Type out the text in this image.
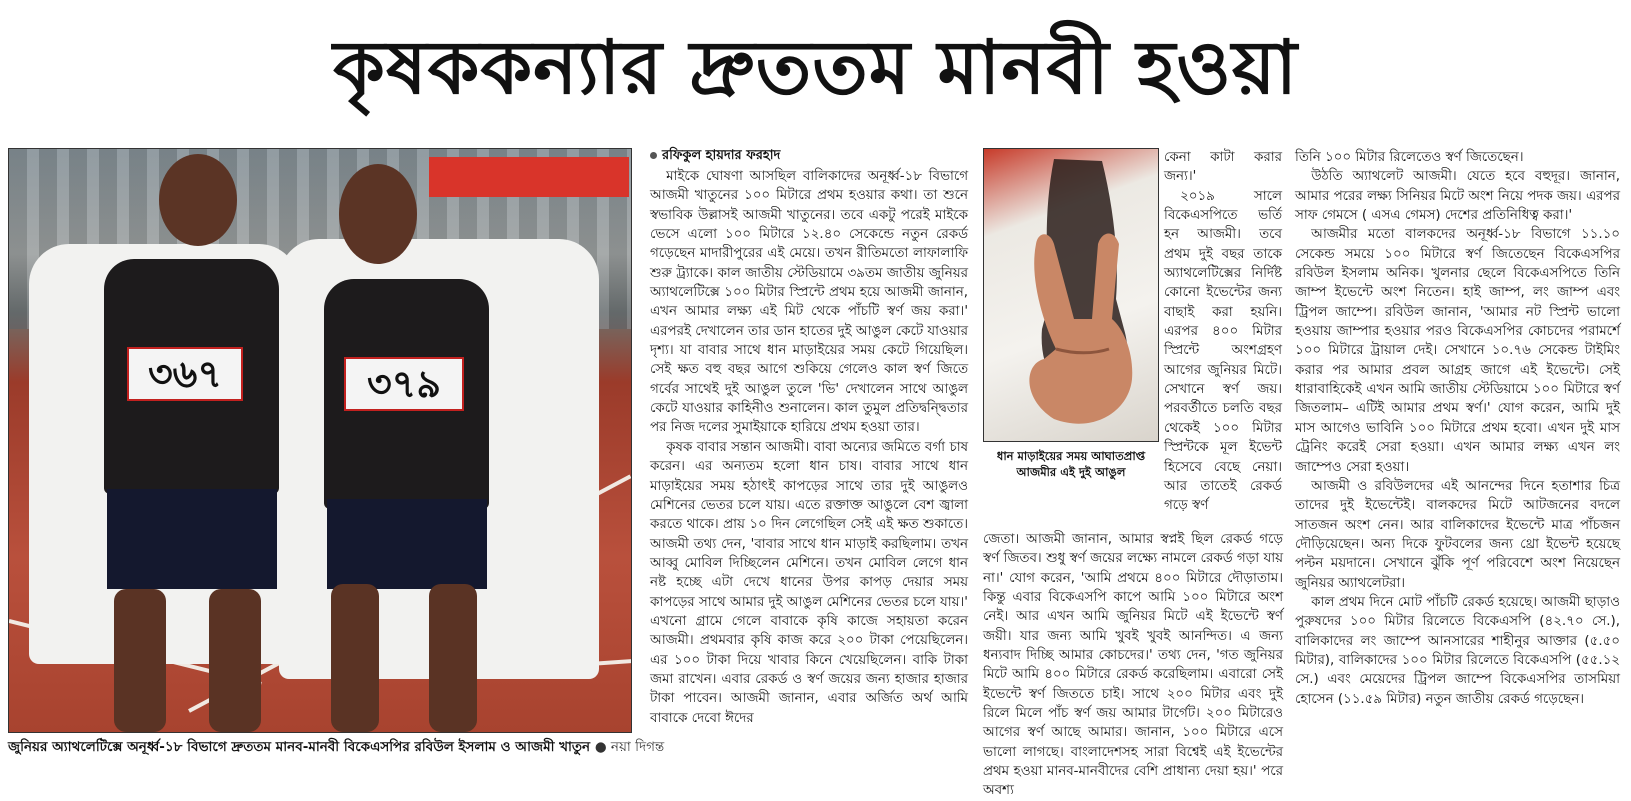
কৃষককন্যার দ্রুততম মানবী হওয়া
৩৬৭	৩৭৯
জুনিয়র অ্যাথলেটিক্সে অনূর্ধ্ব-১৮ বিভাগে দ্রুততম মানব-মানবী বিকেএসপির রবিউল ইসলাম ও আজমী খাতুন ● নয়া দিগন্ত
ধান মাড়াইয়ের সময় আঘাতপ্রাপ্ত আজমীর এই দুই আঙুল
রফিকুল হায়দার ফরহাদ

মাইকে ঘোষণা আসছিল বালিকাদের অনূর্ধ্ব-১৮ বিভাগে আজমী খাতুনের ১০০ মিটারে প্রথম হওয়ার কথা। তা শুনে স্বভাবিক উল্লাসই আজমী খাতুনের। তবে একটু পরেই মাইকে ভেসে এলো ১০০ মিটারে ১২.৪০ সেকেন্ডে নতুন রেকর্ড গড়েছেন মাদারীপুরের এই মেয়ে। তখন রীতিমতো লাফালাফি শুরু ট্র্যাকে। কাল জাতীয় স্টেডিয়ামে ৩৯তম জাতীয় জুনিয়র অ্যাথলেটিক্সে ১০০ মিটার স্প্রিন্টে প্রথম হয়ে আজমী জানান, এখন আমার লক্ষ্য এই মিট থেকে পাঁচটি স্বর্ণ জয় করা।' এরপরই দেখালেন তার ডান হাতের দুই আঙুল কেটে যাওয়ার দৃশ্য। যা বাবার সাথে ধান মাড়াইয়ের সময় কেটে গিয়েছিল। সেই ক্ষত বহু বছর আগে শুকিয়ে গেলেও কাল স্বর্ণ জিতে গর্বের সাথেই দুই আঙুল তুলে 'ভি' দেখালেন সাথে আঙুল কেটে যাওয়ার কাহিনীও শুনালেন। কাল তুমুল প্রতিদ্বন্দ্বিতার পর নিজ দলের সুমাইয়াকে হারিয়ে প্রথম হওয়া তার।

কৃষক বাবার সন্তান আজমী। বাবা অন্যের জমিতে বর্গা চাষ করেন। এর অন্যতম হলো ধান চাষ। বাবার সাথে ধান মাড়াইয়ের সময় হঠাৎই কাপড়ের সাথে তার দুই আঙুলও মেশিনের ভেতর চলে যায়। এতে রক্তাক্ত আঙুলে বেশ জ্বালা করতে থাকে। প্রায় ১০ দিন লেগেছিল সেই এই ক্ষত শুকাতে। আজমী তথ্য দেন, 'বাবার সাথে ধান মাড়াই করছিলাম। তখন আব্বু মোবিল দিচ্ছিলেন মেশিনে। তখন মোবিল লেগে ধান নষ্ট হচ্ছে এটা দেখে ধানের উপর কাপড় দেয়ার সময় কাপড়ের সাথে আমার দুই আঙুল মেশিনের ভেতর চলে যায়।' এখনো গ্রামে গেলে বাবাকে কৃষি কাজে সহায়তা করেন আজমী। প্রথমবার কৃষি কাজ করে ২০০ টাকা পেয়েছিলেন। এর ১০০ টাকা দিয়ে খাবার কিনে খেয়েছিলেন। বাকি টাকা জমা রাখেন। এবার রেকর্ড ও স্বর্ণ জয়ের জন্য হাজার হাজার টাকা পাবেন। আজমী জানান, এবার অর্জিত অর্থ আমি বাবাকে দেবো ঈদের

কেনা কাটা করার জন্য।'

২০১৯ সালে বিকেএসপিতে ভর্তি হন আজমী। তবে প্রথম দুই বছর তাকে অ্যাথলেটিক্সের নির্দিষ্ট কোনো ইভেন্টের জন্য বাছাই করা হয়নি। এরপর ৪০০ মিটার স্প্রিন্টে অংশগ্রহণ আগের জুনিয়র মিটে। সেখানে স্বর্ণ জয়। পরবর্তীতে চলতি বছর থেকেই ১০০ মিটার স্প্রিন্টকে মূল ইভেন্ট হিসেবে বেছে নেয়া। আর তাতেই রেকর্ড গড়ে স্বর্ণ

জেতা। আজমী জানান, আমার স্বপ্নই ছিল রেকর্ড গড়ে স্বর্ণ জিতব। শুধু স্বর্ণ জয়ের লক্ষ্যে নামলে রেকর্ড গড়া যায় না।' যোগ করেন, 'আমি প্রথমে ৪০০ মিটারে দৌড়াতাম। কিন্তু এবার বিকেএসপি কাপে আমি ১০০ মিটারে অংশ নেই। আর এখন আমি জুনিয়র মিটে এই ইভেন্টে স্বর্ণ জয়ী। যার জন্য আমি খুবই খুবই আনন্দিত। এ জন্য ধন্যবাদ দিচ্ছি আমার কোচদের।' তথ্য দেন, 'গত জুনিয়র মিটে আমি ৪০০ মিটারে রেকর্ড করেছিলাম। এবারো সেই ইভেন্টে স্বর্ণ জিততে চাই। সাথে ২০০ মিটার এবং দুই রিলে মিলে পাঁচ স্বর্ণ জয় আমার টার্গেট। ২০০ মিটারেও আগের স্বর্ণ আছে আমার। জানান, ১০০ মিটারে এসে ভালো লাগছে। বাংলাদেশসহ সারা বিশ্বেই এই ইভেন্টের প্রথম হওয়া মানব-মানবীদের বেশি প্রাধান্য দেয়া হয়।' পরে অবশ্য

তিনি ১০০ মিটার রিলেতেও স্বর্ণ জিতেছেন।

উঠতি অ্যাথলেট আজমী। যেতে হবে বহুদূর। জানান, আমার পরের লক্ষ্য সিনিয়র মিটে অংশ নিয়ে পদক জয়। এরপর সাফ গেমসে ( এসএ গেমস) দেশের প্রতিনিধিত্ব করা।'

আজমীর মতো বালকদের অনূর্ধ্ব-১৮ বিভাগে ১১.১০ সেকেন্ড সময়ে ১০০ মিটারে স্বর্ণ জিতেছেন বিকেএসপির রবিউল ইসলাম অনিক। খুলনার ছেলে বিকেএসপিতে তিনি জাম্প ইভেন্টে অংশ নিতেন। হাই জাম্প, লং জাম্প এবং ট্রিপল জাম্পে। রবিউল জানান, 'আমার নট স্প্রিন্ট ভালো হওয়ায় জাম্পার হওয়ার পরও বিকেএসপির কোচদের পরামর্শে ১০০ মিটারে ট্রায়াল দেই। সেখানে ১০.৭৬ সেকেন্ড টাইমিং করার পর আমার প্রবল আগ্রহ জাগে এই ইভেন্টে। সেই ধারাবাহিকেই এখন আমি জাতীয় স্টেডিয়ামে ১০০ মিটারে স্বর্ণ জিতলাম– এটিই আমার প্রথম স্বর্ণ।' যোগ করেন, আমি দুই মাস আগেও ভাবিনি ১০০ মিটারে প্রথম হবো। এখন দুই মাস ট্রেনিং করেই সেরা হওয়া। এখন আমার লক্ষ্য এখন লং জাম্পেও সেরা হওয়া।

আজমী ও রবিউলদের এই আনন্দের দিনে হতাশার চিত্র তাদের দুই ইভেন্টেই। বালকদের মিটে আটজনের বদলে সাতজন অংশ নেন। আর বালিকাদের ইভেন্টে মাত্র পাঁচজন দৌড়িয়েছেন। অন্য দিকে ফুটবলের জন্য থ্রো ইভেন্ট হয়েছে পল্টন ময়দানে। সেখানে ঝুঁকি পূর্ণ পরিবেশে অংশ নিয়েছেন জুনিয়র অ্যাথলেটরা।

কাল প্রথম দিনে মোট পাঁচটি রেকর্ড হয়েছে। আজমী ছাড়াও পুরুষদের ১০০ মিটার রিলেতে বিকেএসপি (৪২.৭০ সে.), বালিকাদের লং জাম্পে আনসারের শাহীনুর আক্তার (৫.৫০ মিটার), বালিকাদের ১০০ মিটার রিলেতে বিকেএসপি (৫৫.১২ সে.) এবং মেয়েদের ট্রিপল জাম্পে বিকেএসপির তাসমিয়া হোসেন (১১.৫৯ মিটার) নতুন জাতীয় রেকর্ড গড়েছেন।
